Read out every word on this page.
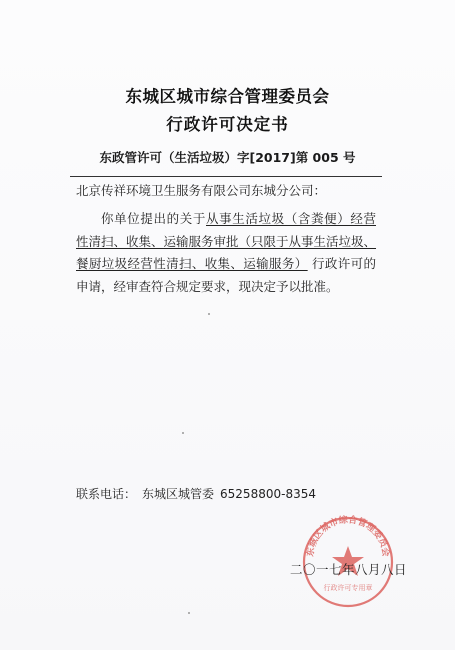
东城区城市综合管理委员会
行政许可决定书
东政管许可（生活垃圾）字[2017]第 005 号
北京传祥环境卫生服务有限公司东城分公司：
你单位提出的关于从事生活垃圾（含粪便）经营性清扫、收集、运输服务审批（只限于从事生活垃圾、餐厨垃圾经营性清扫、收集、运输服务） 行政许可的申请，经审查符合规定要求，现决定予以批准。
联系电话： 东城区城管委 65258800-8354
东城区城市综合管理委员会
行政许可专用章
二〇一七年八月八日
